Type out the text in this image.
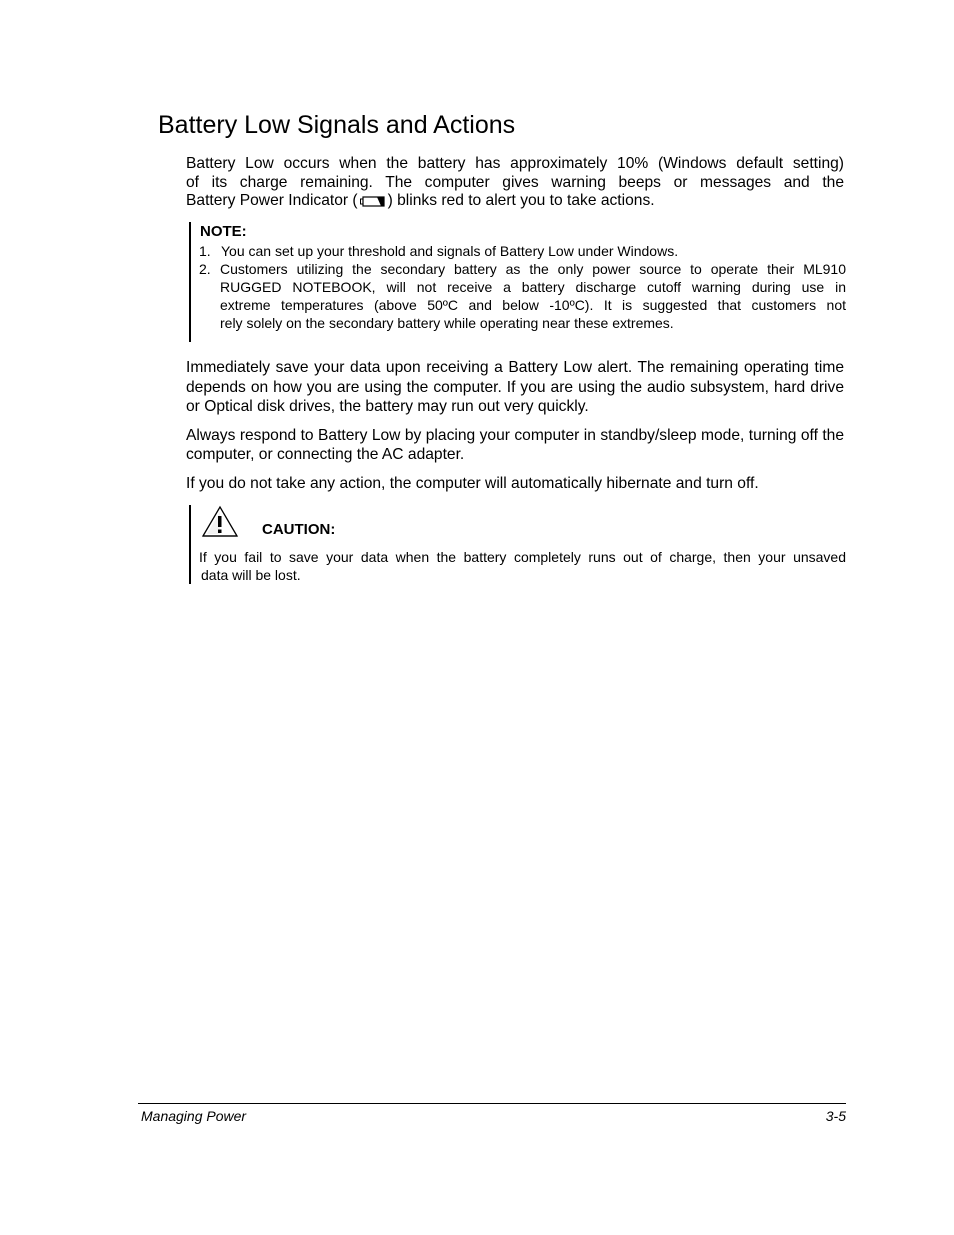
Battery Low Signals and Actions

Battery Low occurs when the battery has approximately 10% (Windows default setting)
of its charge remaining. The computer gives warning beeps or messages and the
Battery Power Indicator ( ) blinks red to alert you to take actions.

NOTE:

1. You can set up your threshold and signals of Battery Low under Windows.
2. Customers utilizing the secondary battery as the only power source to operate their ML910
RUGGED NOTEBOOK, will not receive a battery discharge cutoff warning during use in
extreme temperatures (above 50ºC and below -10ºC). It is suggested that customers not
rely solely on the secondary battery while operating near these extremes.

Immediately save your data upon receiving a Battery Low alert. The remaining operating time depends on how you are using the computer. If you are using the audio subsystem, hard drive or Optical disk drives, the battery may run out very quickly.

Always respond to Battery Low by placing your computer in standby/sleep mode, turning off the computer, or connecting the AC adapter.

If you do not take any action, the computer will automatically hibernate and turn off.

CAUTION:

If you fail to save your data when the battery completely runs out of charge, then your unsaved
data will be lost.

Managing Power	3-5
